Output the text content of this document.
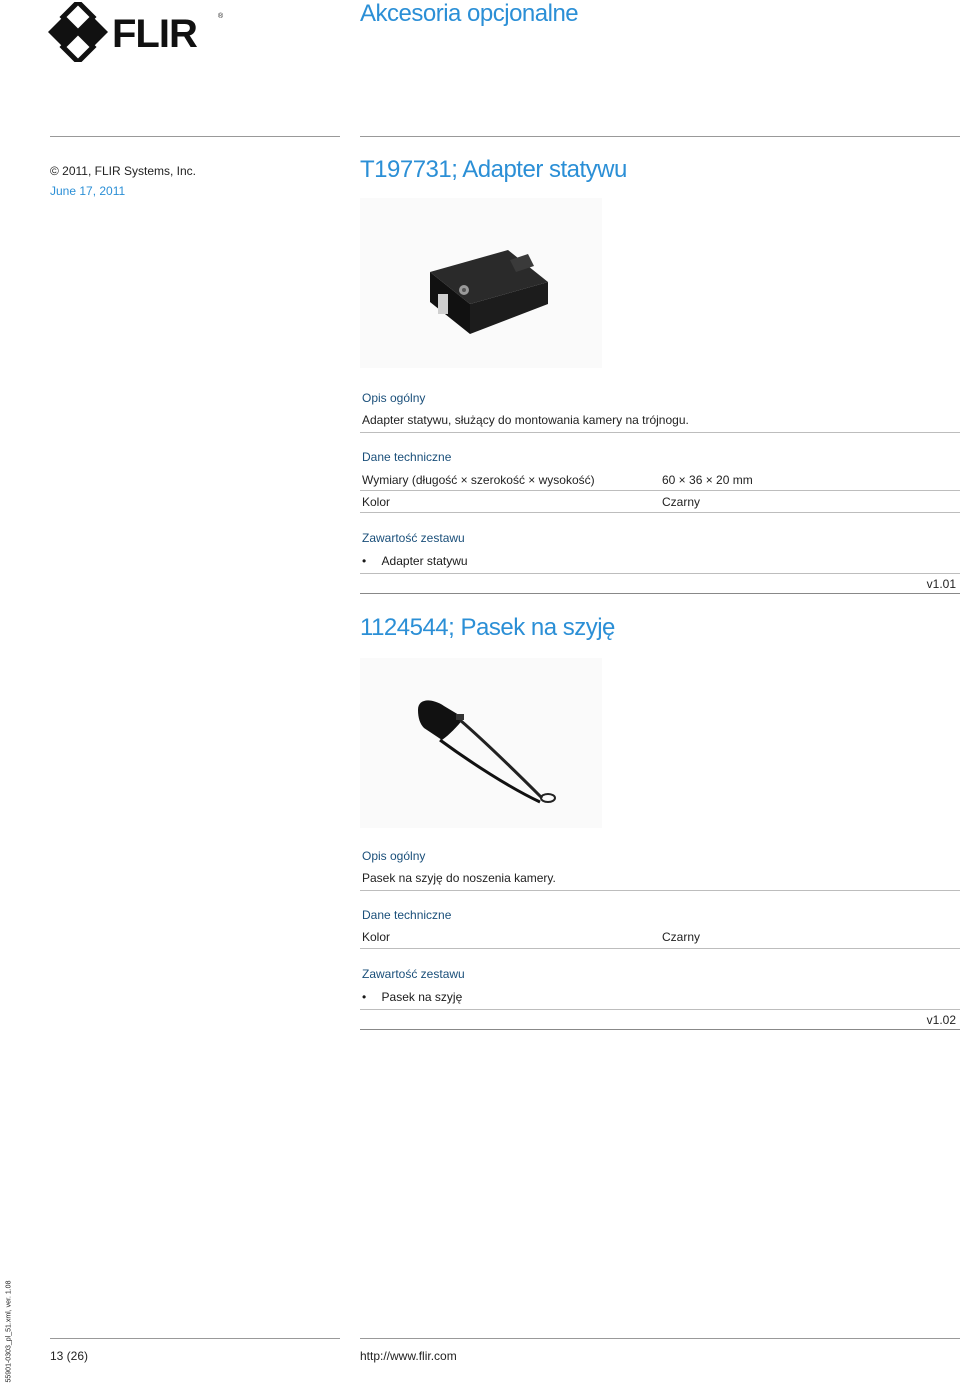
FLIR	®	Akcesoria opcjonalne
© 2011, FLIR Systems, Inc.
June 17, 2011
T197731; Adapter statywu
Opis ogólny
Adapter statywu, służący do montowania kamery na trójnogu.
Dane techniczne
Wymiary (długość × szerokość × wysokość)	60 × 36 × 20 mm
Kolor	Czarny
Zawartość zestawu
• Adapter statywu
v1.01
1124544; Pasek na szyję
Opis ogólny
Pasek na szyję do noszenia kamery.
Dane techniczne
Kolor	Czarny
Zawartość zestawu
• Pasek na szyję
v1.02
55901-0303_pl_51.xml, ver. 1.08	13 (26)	http://www.flir.com
